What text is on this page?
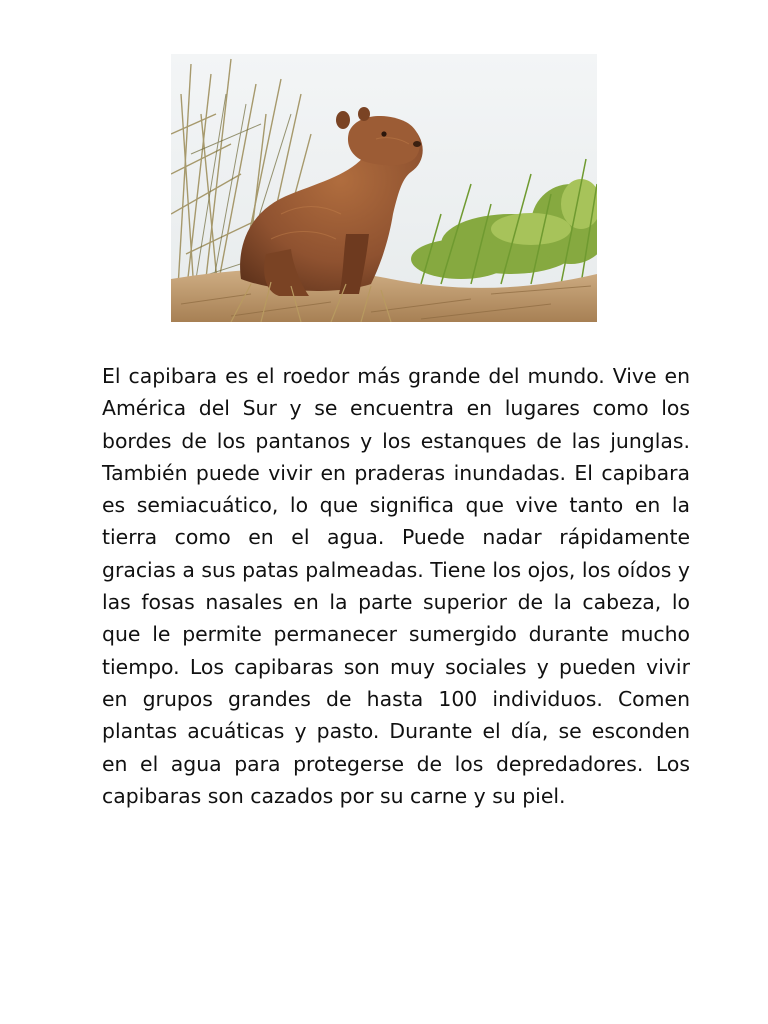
El capibara es el roedor más grande del mundo. Vive en América del Sur y se encuentra en lugares como los bordes de los pantanos y los estanques de las junglas. También puede vivir en praderas inundadas. El capibara es semiacuático, lo que significa que vive tanto en la tierra como en el agua. Puede nadar rápidamente gracias a sus patas palmeadas. Tiene los ojos, los oídos y las fosas nasales en la parte superior de la cabeza, lo que le permite permanecer sumergido durante mucho tiempo. Los capibaras son muy sociales y pueden vivir en grupos grandes de hasta 100 individuos. Comen plantas acuáticas y pasto. Durante el día, se esconden en el agua para protegerse de los depredadores. Los capibaras son cazados por su carne y su piel.
